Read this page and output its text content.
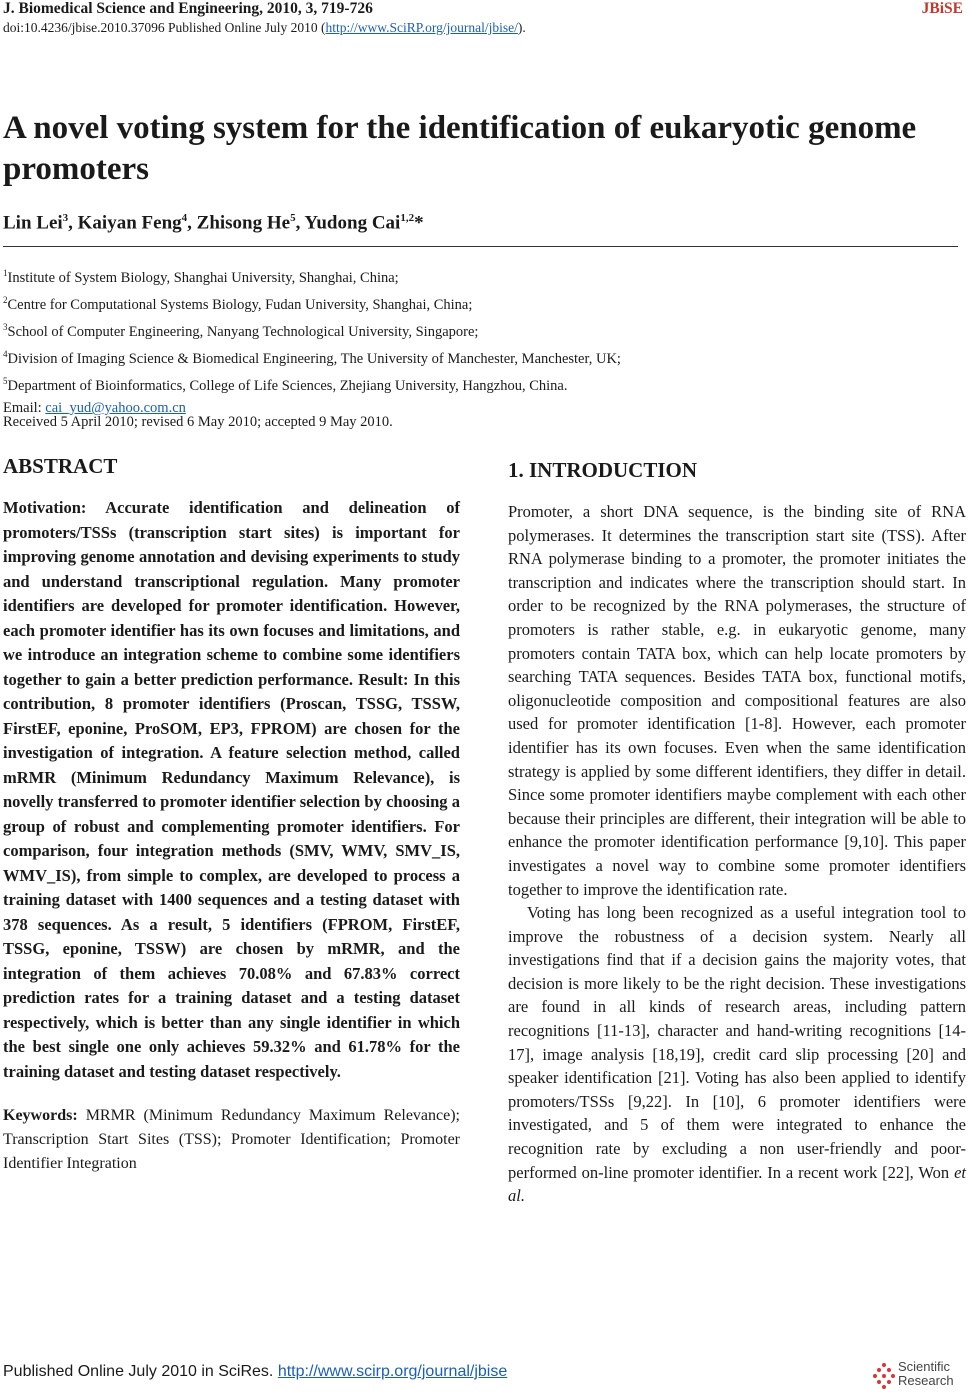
J. Biomedical Science and Engineering, 2010, 3, 719-726	JBiSE
doi:10.4236/jbise.2010.37096 Published Online July 2010 (http://www.SciRP.org/journal/jbise/).
A novel voting system for the identification of eukaryotic genome promoters
Lin Lei$^3$, Kaiyan Feng$^4$, Zhisong He$^5$, Yudong Cai$^{1,2}$*
$^1$Institute of System Biology, Shanghai University, Shanghai, China;
$^2$Centre for Computational Systems Biology, Fudan University, Shanghai, China;
$^3$School of Computer Engineering, Nanyang Technological University, Singapore;
$^4$Division of Imaging Science & Biomedical Engineering, The University of Manchester, Manchester, UK;
$^5$Department of Bioinformatics, College of Life Sciences, Zhejiang University, Hangzhou, China.
Email: cai_yud@yahoo.com.cn
Received 5 April 2010; revised 6 May 2010; accepted 9 May 2010.
ABSTRACT

Motivation: Accurate identification and delineation of promoters/TSSs (transcription start sites) is important for improving genome annotation and devising experiments to study and understand transcriptional regulation. Many promoter identifiers are developed for promoter identification. However, each promoter identifier has its own focuses and limitations, and we introduce an integration scheme to combine some identifiers together to gain a better prediction performance. Result: In this contribution, 8 promoter identifiers (Proscan, TSSG, TSSW, FirstEF, eponine, ProSOM, EP3, FPROM) are chosen for the investigation of integration. A feature selection method, called mRMR (Minimum Redundancy Maximum Relevance), is novelly transferred to promoter identifier selection by choosing a group of robust and complementing promoter identifiers. For comparison, four integration methods (SMV, WMV, SMV_IS, WMV_IS), from simple to complex, are developed to process a training dataset with 1400 sequences and a testing dataset with 378 sequences. As a result, 5 identifiers (FPROM, FirstEF, TSSG, eponine, TSSW) are chosen by mRMR, and the integration of them achieves 70.08% and 67.83% correct prediction rates for a training dataset and a testing dataset respectively, which is better than any single identifier in which the best single one only achieves 59.32% and 61.78% for the training dataset and testing dataset respectively.

Keywords: MRMR (Minimum Redundancy Maximum Relevance); Transcription Start Sites (TSS); Promoter Identification; Promoter Identifier Integration

1. INTRODUCTION

Promoter, a short DNA sequence, is the binding site of RNA polymerases. It determines the transcription start site (TSS). After RNA polymerase binding to a promoter, the promoter initiates the transcription and indicates where the transcription should start. In order to be recognized by the RNA polymerases, the structure of promoters is rather stable, e.g. in eukaryotic genome, many promoters contain TATA box, which can help locate promoters by searching TATA sequences. Besides TATA box, functional motifs, oligonucleotide composition and compositional features are also used for promoter identification [1-8]. However, each promoter identifier has its own focuses. Even when the same identification strategy is applied by some different identifiers, they differ in detail. Since some promoter identifiers maybe complement with each other because their principles are different, their integration will be able to enhance the promoter identification performance [9,10]. This paper investigates a novel way to combine some promoter identifiers together to improve the identification rate.

Voting has long been recognized as a useful integration tool to improve the robustness of a decision system. Nearly all investigations find that if a decision gains the majority votes, that decision is more likely to be the right decision. These investigations are found in all kinds of research areas, including pattern recognitions [11-13], character and hand-writing recognitions [14-17], image analysis [18,19], credit card slip processing [20] and speaker identification [21]. Voting has also been applied to identify promoters/TSSs [9,22]. In [10], 6 promoter identifiers were investigated, and 5 of them were integrated to enhance the recognition rate by excluding a non user-friendly and poor-performed on-line promoter identifier. In a recent work [22], Won et al.

Published Online July 2010 in SciRes. http://www.scirp.org/journal/jbise	Scientific
Research
